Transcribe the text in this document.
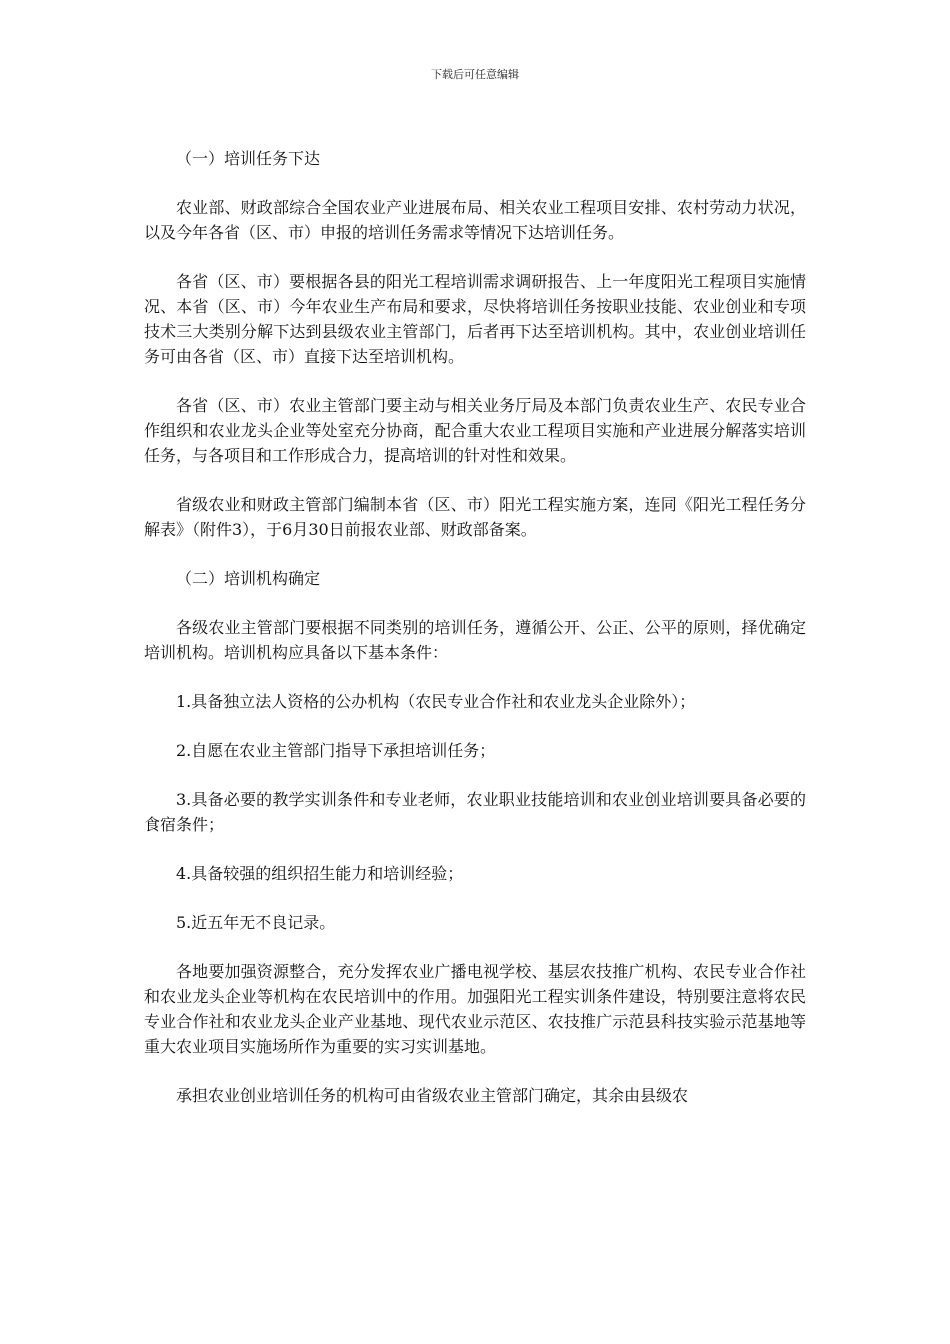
下载后可任意编辑

（一）培训任务下达

农业部、财政部综合全国农业产业进展布局、相关农业工程项目安排、农村劳动力状况，以及今年各省（区、市）申报的培训任务需求等情况下达培训任务。

各省（区、市）要根据各县的阳光工程培训需求调研报告、上一年度阳光工程项目实施情况、本省（区、市）今年农业生产布局和要求，尽快将培训任务按职业技能、农业创业和专项技术三大类别分解下达到县级农业主管部门，后者再下达至培训机构。其中，农业创业培训任务可由各省（区、市）直接下达至培训机构。

各省（区、市）农业主管部门要主动与相关业务厅局及本部门负责农业生产、农民专业合作组织和农业龙头企业等处室充分协商，配合重大农业工程项目实施和产业进展分解落实培训任务，与各项目和工作形成合力，提高培训的针对性和效果。

省级农业和财政主管部门编制本省（区、市）阳光工程实施方案，连同《阳光工程任务分解表》（附件3），于6月30日前报农业部、财政部备案。

（二）培训机构确定

各级农业主管部门要根据不同类别的培训任务，遵循公开、公正、公平的原则，择优确定培训机构。培训机构应具备以下基本条件：

1.具备独立法人资格的公办机构（农民专业合作社和农业龙头企业除外）；

2.自愿在农业主管部门指导下承担培训任务；

3.具备必要的教学实训条件和专业老师，农业职业技能培训和农业创业培训要具备必要的食宿条件；

4.具备较强的组织招生能力和培训经验；

5.近五年无不良记录。

各地要加强资源整合，充分发挥农业广播电视学校、基层农技推广机构、农民专业合作社和农业龙头企业等机构在农民培训中的作用。加强阳光工程实训条件建设，特别要注意将农民专业合作社和农业龙头企业产业基地、现代农业示范区、农技推广示范县科技实验示范基地等重大农业项目实施场所作为重要的实习实训基地。

承担农业创业培训任务的机构可由省级农业主管部门确定，其余由县级农
